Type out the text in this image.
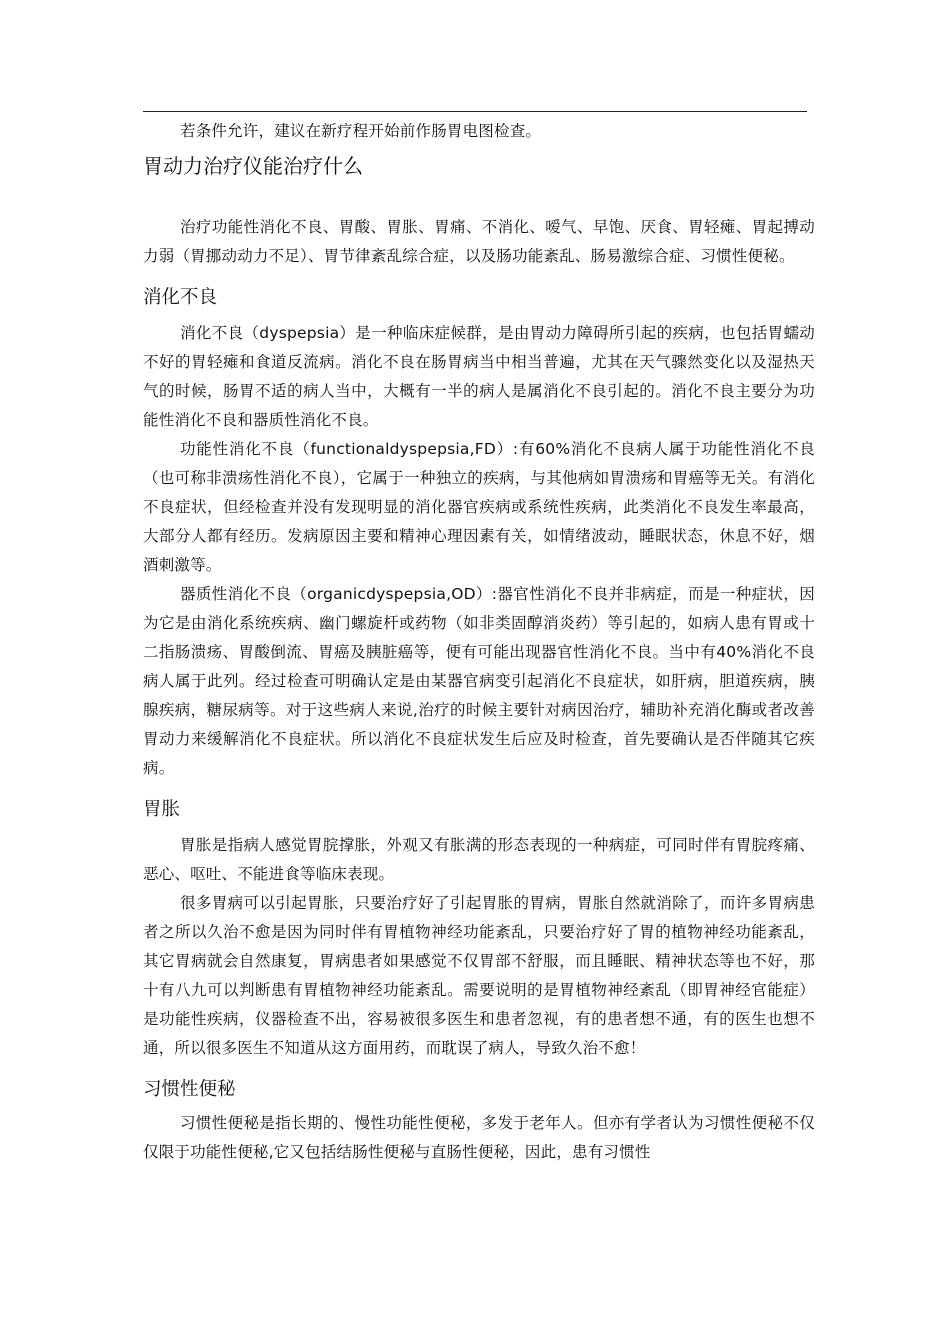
若条件允许，建议在新疗程开始前作肠胃电图检查。

胃动力治疗仪能治疗什么

治疗功能性消化不良、胃酸、胃胀、胃痛、不消化、嗳气、早饱、厌食、胃轻瘫、胃起搏动力弱（胃挪动动力不足）、胃节律紊乱综合症，以及肠功能紊乱、肠易激综合症、习惯性便秘。

消化不良

消化不良（dyspepsia）是一种临床症候群，是由胃动力障碍所引起的疾病，也包括胃蠕动不好的胃轻瘫和食道反流病。消化不良在肠胃病当中相当普遍，尤其在天气骤然变化以及湿热天气的时候，肠胃不适的病人当中，大概有一半的病人是属消化不良引起的。消化不良主要分为功能性消化不良和器质性消化不良。

功能性消化不良（functionaldyspepsia,FD）:有60%消化不良病人属于功能性消化不良（也可称非溃疡性消化不良），它属于一种独立的疾病，与其他病如胃溃疡和胃癌等无关。有消化不良症状，但经检查并没有发现明显的消化器官疾病或系统性疾病，此类消化不良发生率最高，大部分人都有经历。发病原因主要和精神心理因素有关，如情绪波动，睡眠状态，休息不好，烟酒刺激等。

器质性消化不良（organicdyspepsia,OD）:器官性消化不良并非病症，而是一种症状，因为它是由消化系统疾病、幽门螺旋杆或药物（如非类固醇消炎药）等引起的，如病人患有胃或十二指肠溃疡、胃酸倒流、胃癌及胰脏癌等，便有可能出现器官性消化不良。当中有40%消化不良病人属于此列。经过检查可明确认定是由某器官病变引起消化不良症状，如肝病，胆道疾病，胰腺疾病，糖尿病等。对于这些病人来说,治疗的时候主要针对病因治疗，辅助补充消化酶或者改善胃动力来缓解消化不良症状。所以消化不良症状发生后应及时检查，首先要确认是否伴随其它疾病。

胃胀

胃胀是指病人感觉胃脘撑胀，外观又有胀满的形态表现的一种病症，可同时伴有胃脘疼痛、恶心、呕吐、不能进食等临床表现。

很多胃病可以引起胃胀，只要治疗好了引起胃胀的胃病，胃胀自然就消除了，而许多胃病患者之所以久治不愈是因为同时伴有胃植物神经功能紊乱，只要治疗好了胃的植物神经功能紊乱，其它胃病就会自然康复，胃病患者如果感觉不仅胃部不舒服，而且睡眠、精神状态等也不好，那十有八九可以判断患有胃植物神经功能紊乱。需要说明的是胃植物神经紊乱（即胃神经官能症）是功能性疾病，仪器检查不出，容易被很多医生和患者忽视，有的患者想不通，有的医生也想不通，所以很多医生不知道从这方面用药，而耽误了病人，导致久治不愈！

习惯性便秘

习惯性便秘是指长期的、慢性功能性便秘，多发于老年人。但亦有学者认为习惯性便秘不仅仅限于功能性便秘,它又包括结肠性便秘与直肠性便秘，因此，患有习惯性
